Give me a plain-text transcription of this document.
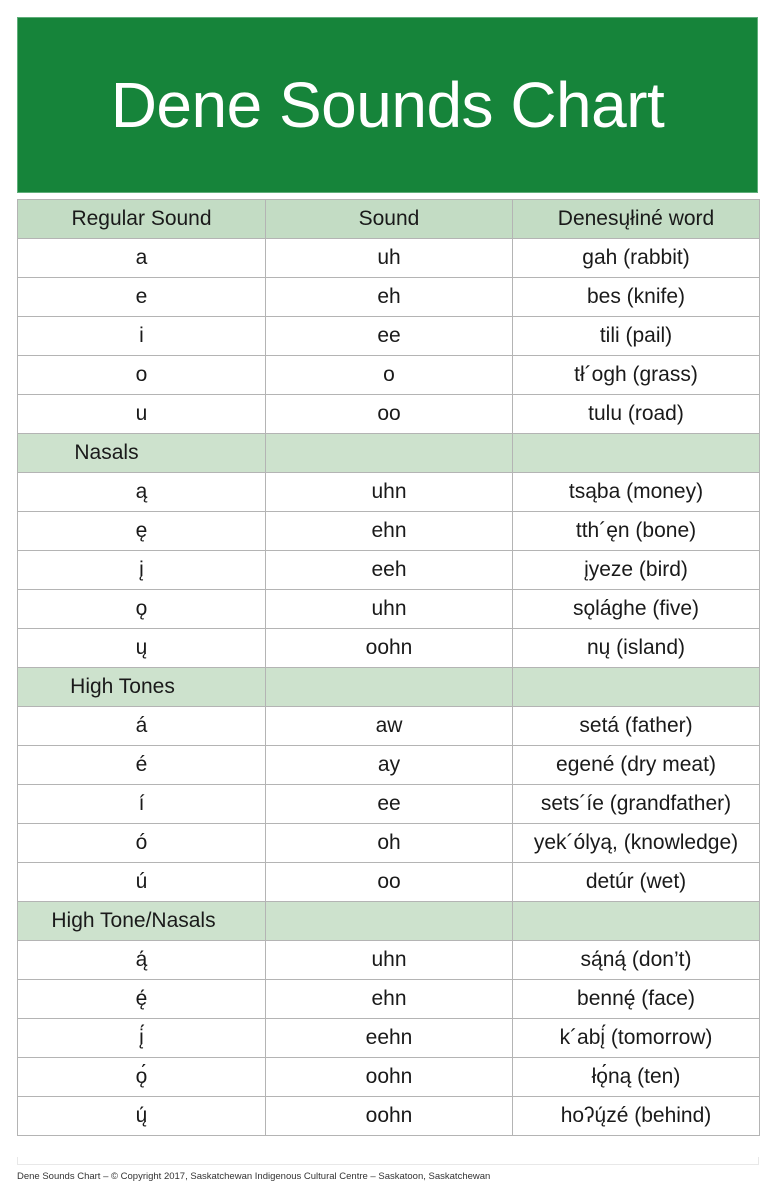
Dene Sounds Chart
Regular Sound	Sound	Denesųłiné word
a	uh	gah (rabbit)
e	eh	bes (knife)
i	ee	tili (pail)
o	o	tł´ogh (grass)
u	oo	tulu (road)
Nasals		
ą	uhn	tsąba (money)
ę	ehn	tth´ęn (bone)
į	eeh	įyeze (bird)
ǫ	uhn	sǫlághe (five)
ų	oohn	nų (island)
High Tones		
á	aw	setá (father)
é	ay	egené (dry meat)
í	ee	sets´íe (grandfather)
ó	oh	yek´ólyą, (knowledge)
ú	oo	detúr (wet)
High Tone/Nasals		
ą́	uhn	są́ną́ (don’t)
ę́	ehn	bennę́ (face)
į́	eehn	k´abį́ (tomorrow)
ǫ́	oohn	łǫ́ną (ten)
ų́	oohn	hoʔų́zé (behind)
Dene Sounds Chart – © Copyright 2017, Saskatchewan Indigenous Cultural Centre – Saskatoon, Saskatchewan
